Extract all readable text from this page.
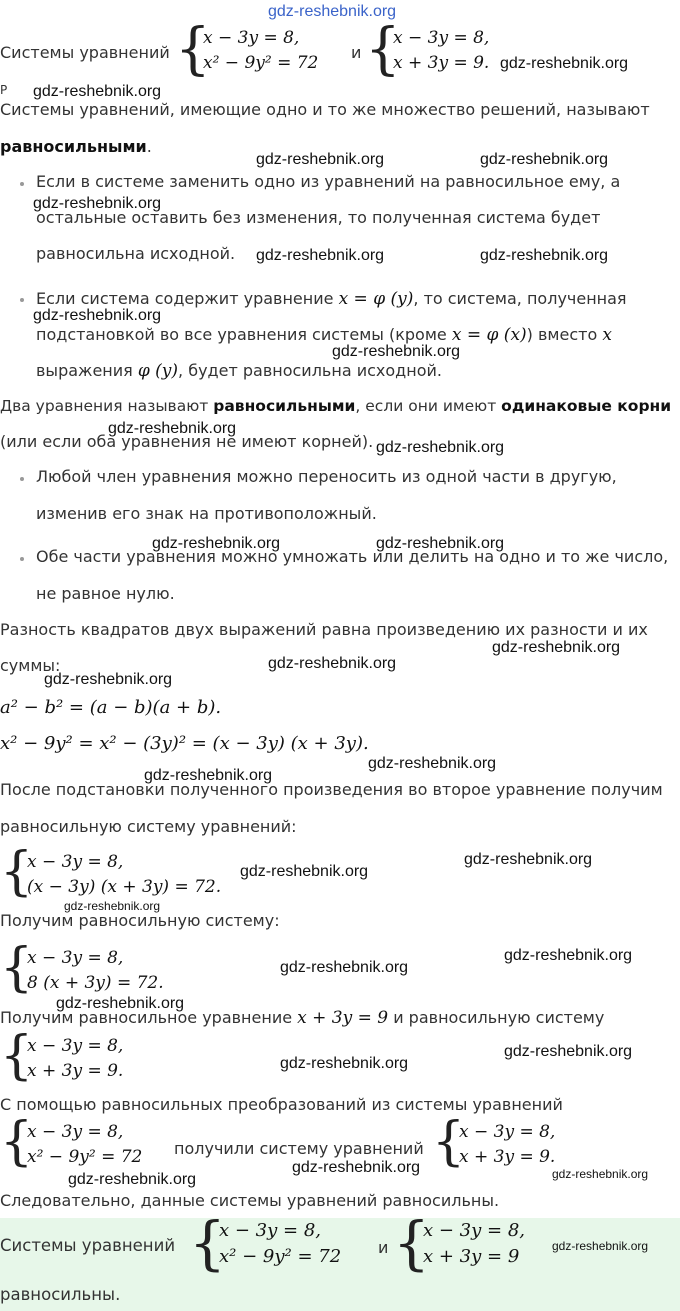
gdz-reshebnik.org
gdz-reshebnik.org
gdz-reshebnik.org
gdz-reshebnik.org	gdz-reshebnik.org
gdz-reshebnik.org
gdz-reshebnik.org	gdz-reshebnik.org
gdz-reshebnik.org
gdz-reshebnik.org
gdz-reshebnik.org
gdz-reshebnik.org
gdz-reshebnik.org	gdz-reshebnik.org
gdz-reshebnik.org
gdz-reshebnik.org
gdz-reshebnik.org
gdz-reshebnik.org
gdz-reshebnik.org
gdz-reshebnik.org
gdz-reshebnik.org
gdz-reshebnik.org
gdz-reshebnik.org
gdz-reshebnik.org
gdz-reshebnik.org
gdz-reshebnik.org
gdz-reshebnik.org
gdz-reshebnik.org
gdz-reshebnik.org	gdz-reshebnik.org
Системы уравнений {
x − 3y = 8,
x² − 9y² = 72
и {
x − 3y = 8,
x + 3y = 9.
Р
Системы уравнений, имеющие одно и то же множество решений, называют
равносильными.
Если в системе заменить одно из уравнений на равносильное ему, а
остальные оставить без изменения, то полученная система будет
равносильна исходной.
Если система содержит уравнение x = φ (y), то система, полученная
подстановкой во все уравнения системы (кроме x = φ (x)) вместо x
выражения φ (y), будет равносильна исходной.
Два уравнения называют равносильными, если они имеют одинаковые корни
(или если оба уравнения не имеют корней).
Любой член уравнения можно переносить из одной части в другую,
изменив его знак на противоположный.
Обе части уравнения можно умножать или делить на одно и то же число,
не равное нулю.
Разность квадратов двух выражений равна произведению их разности и их
суммы:
a² − b² = (a − b)(a + b).
x² − 9y² = x² − (3y)² = (x − 3y) (x + 3y).
После подстановки полученного произведения во второе уравнение получим
равносильную систему уравнений:
{
x − 3y = 8,
(x − 3y) (x + 3y) = 72.
Получим равносильную систему:
{
x − 3y = 8,
8 (x + 3y) = 72.
Получим равносильное уравнение x + 3y = 9 и равносильную систему
{
x − 3y = 8,
x + 3y = 9.
С помощью равносильных преобразований из системы уравнений
{
x − 3y = 8,
x² − 9y² = 72 получили систему уравнений {
x − 3y = 8,
x + 3y = 9.
Следовательно, данные системы уравнений равносильны.
Системы уравнений {
x − 3y = 8,
x² − 9y² = 72 и {
x − 3y = 8,
x + 3y = 9	gdz-reshebnik.org
равносильны.
